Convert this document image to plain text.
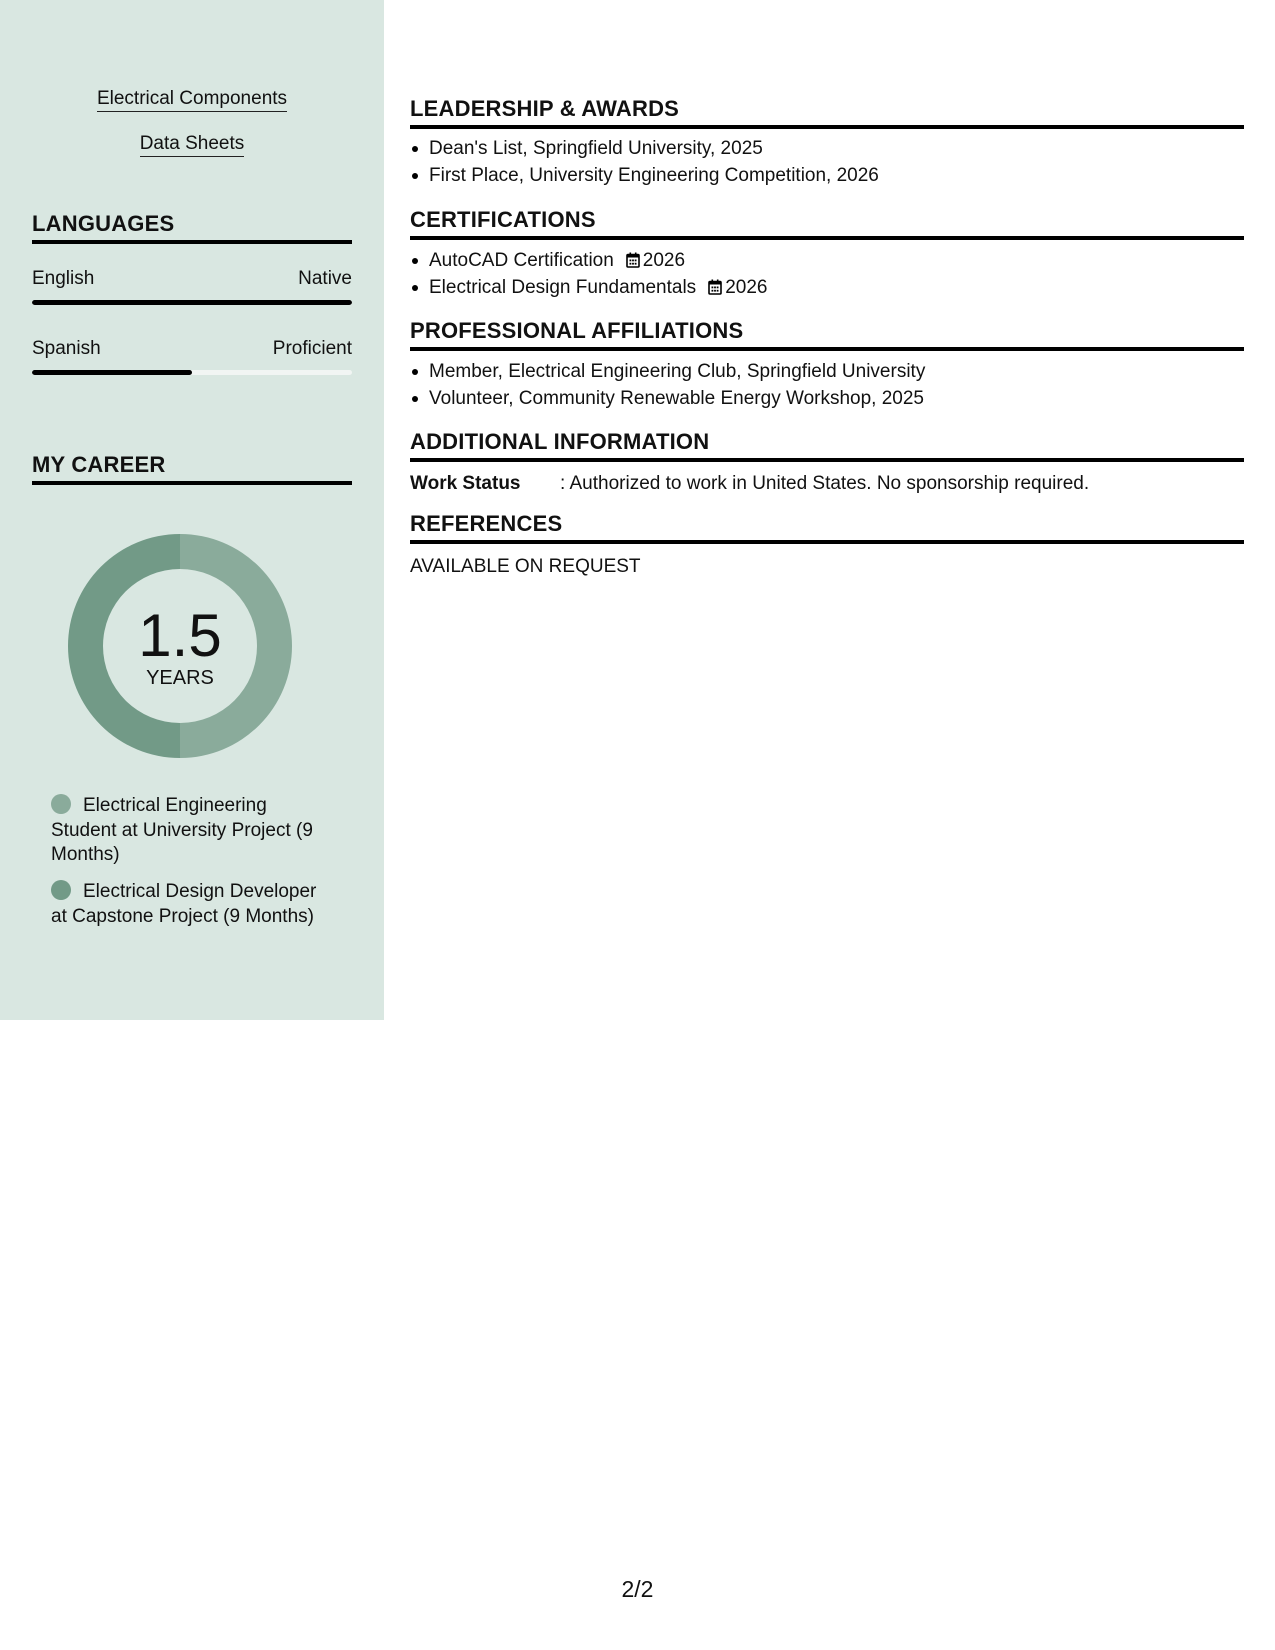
Electrical Components
Data Sheets
LANGUAGES
English	Native
Spanish	Proficient
MY CAREER
1.5
YEARS
Electrical Engineering Student at University Project (9 Months)
Electrical Design Developer at Capstone Project (9 Months)
LEADERSHIP & AWARDS
Dean's List, Springfield University, 2025
First Place, University Engineering Competition, 2026
CERTIFICATIONS
AutoCAD Certification 2026
Electrical Design Fundamentals 2026
PROFESSIONAL AFFILIATIONS
Member, Electrical Engineering Club, Springfield University
Volunteer, Community Renewable Energy Workshop, 2025
ADDITIONAL INFORMATION
Work Status : Authorized to work in United States. No sponsorship required.
REFERENCES
AVAILABLE ON REQUEST
2/2
